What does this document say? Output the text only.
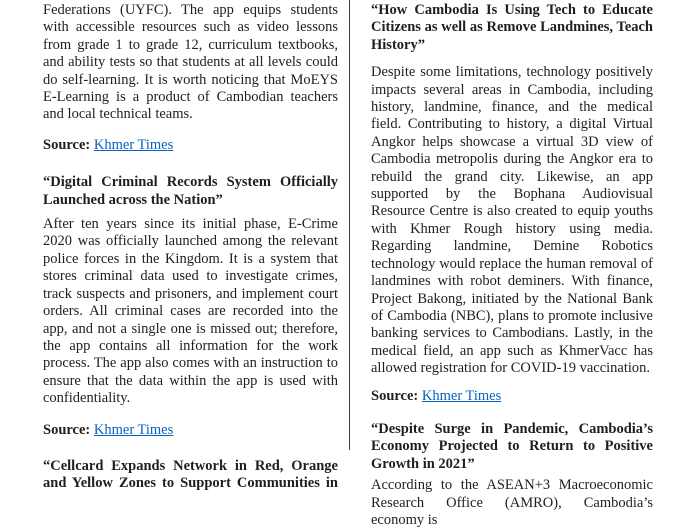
Federations (UYFC). The app equips students with accessible resources such as video lessons from grade 1 to grade 12, curriculum textbooks, and ability tests so that students at all levels could do self-learning. It is worth noticing that MoEYS E-Learning is a product of Cambodian teachers and local technical teams.

Source: Khmer Times

“Digital Criminal Records System Officially Launched across the Nation”

After ten years since its initial phase, E-Crime 2020 was officially launched among the relevant police forces in the Kingdom. It is a system that stores criminal data used to investigate crimes, track suspects and prisoners, and implement court orders. All criminal cases are recorded into the app, and not a single one is missed out; therefore, the app contains all information for the work process. The app also comes with an instruction to ensure that the data within the app is used with confidentiality.

Source: Khmer Times

“Cellcard Expands Network in Red, Orange and Yellow Zones to Support Communities in

“How Cambodia Is Using Tech to Educate Citizens as well as Remove Landmines, Teach History”

Despite some limitations, technology positively impacts several areas in Cambodia, including history, landmine, finance, and the medical field. Contributing to history, a digital Virtual Angkor helps showcase a virtual 3D view of Cambodia metropolis during the Angkor era to rebuild the grand city. Likewise, an app supported by the Bophana Audiovisual Resource Centre is also created to equip youths with Khmer Rough history using media. Regarding landmine, Demine Robotics technology would replace the human removal of landmines with robot deminers. With finance, Project Bakong, initiated by the National Bank of Cambodia (NBC), plans to promote inclusive banking services to Cambodians. Lastly, in the medical field, an app such as KhmerVacc has allowed registration for COVID-19 vaccination.

Source: Khmer Times

“Despite Surge in Pandemic, Cambodia’s Economy Projected to Return to Positive Growth in 2021”

According to the ASEAN+3 Macroeconomic Research Office (AMRO), Cambodia’s economy is
